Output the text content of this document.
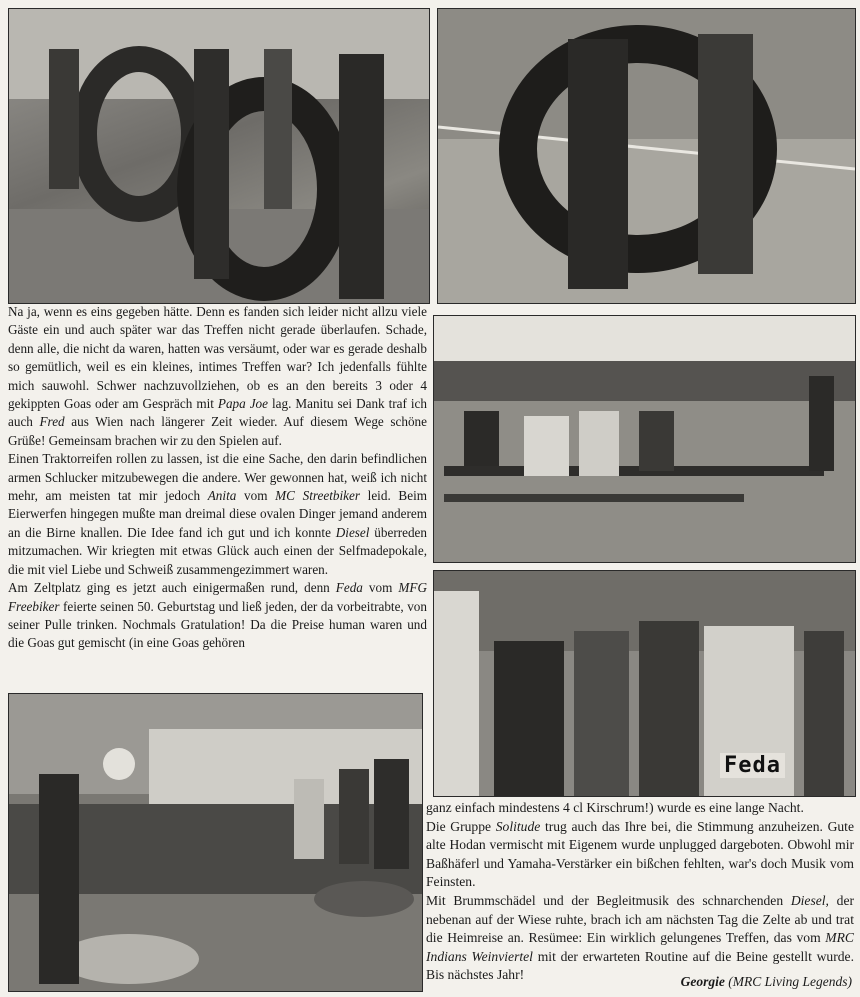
Feda

Na ja, wenn es eins gegeben hätte. Denn es fanden sich leider nicht allzu viele Gäste ein und auch später war das Treffen nicht gerade überlaufen. Schade, denn alle, die nicht da waren, hatten was versäumt, oder war es gerade deshalb so gemütlich, weil es ein kleines, intimes Treffen war? Ich jedenfalls fühlte mich sauwohl. Schwer nachzuvollziehen, ob es an den bereits 3 oder 4 gekippten Goas oder am Gespräch mit Papa Joe lag. Manitu sei Dank traf ich auch Fred aus Wien nach längerer Zeit wieder. Auf diesem Wege schöne Grüße! Gemeinsam brachen wir zu den Spielen auf.

Einen Traktorreifen rollen zu lassen, ist die eine Sache, den darin befindlichen armen Schlucker mitzubewegen die andere. Wer gewonnen hat, weiß ich nicht mehr, am meisten tat mir jedoch Anita vom MC Streetbiker leid. Beim Eierwerfen hingegen mußte man dreimal diese ovalen Dinger jemand anderem an die Birne knallen. Die Idee fand ich gut und ich konnte Diesel überreden mitzumachen. Wir kriegten mit etwas Glück auch einen der Selfmadepokale, die mit viel Liebe und Schweiß zusammengezimmert waren.

Am Zeltplatz ging es jetzt auch einigermaßen rund, denn Feda vom MFG Freebiker feierte seinen 50. Geburtstag und ließ jeden, der da vorbeitrabte, von seiner Pulle trinken. Nochmals Gratulation! Da die Preise human waren und die Goas gut gemischt (in eine Goas gehören

ganz einfach mindestens 4 cl Kirschrum!) wurde es eine lange Nacht.

Die Gruppe Solitude trug auch das Ihre bei, die Stimmung anzuheizen. Gute alte Hodan vermischt mit Eigenem wurde unplugged dargeboten. Obwohl mir Baßhäferl und Yamaha-Verstärker ein bißchen fehlten, war's doch Musik vom Feinsten.

Mit Brummschädel und der Begleitmusik des schnarchenden Diesel, der nebenan auf der Wiese ruhte, brach ich am nächsten Tag die Zelte ab und trat die Heimreise an. Resümee: Ein wirklich gelungenes Treffen, das vom MRC Indians Weinviertel mit der erwarteten Routine auf die Beine gestellt wurde. Bis nächstes Jahr!	Georgie (MRC Living Legends)
